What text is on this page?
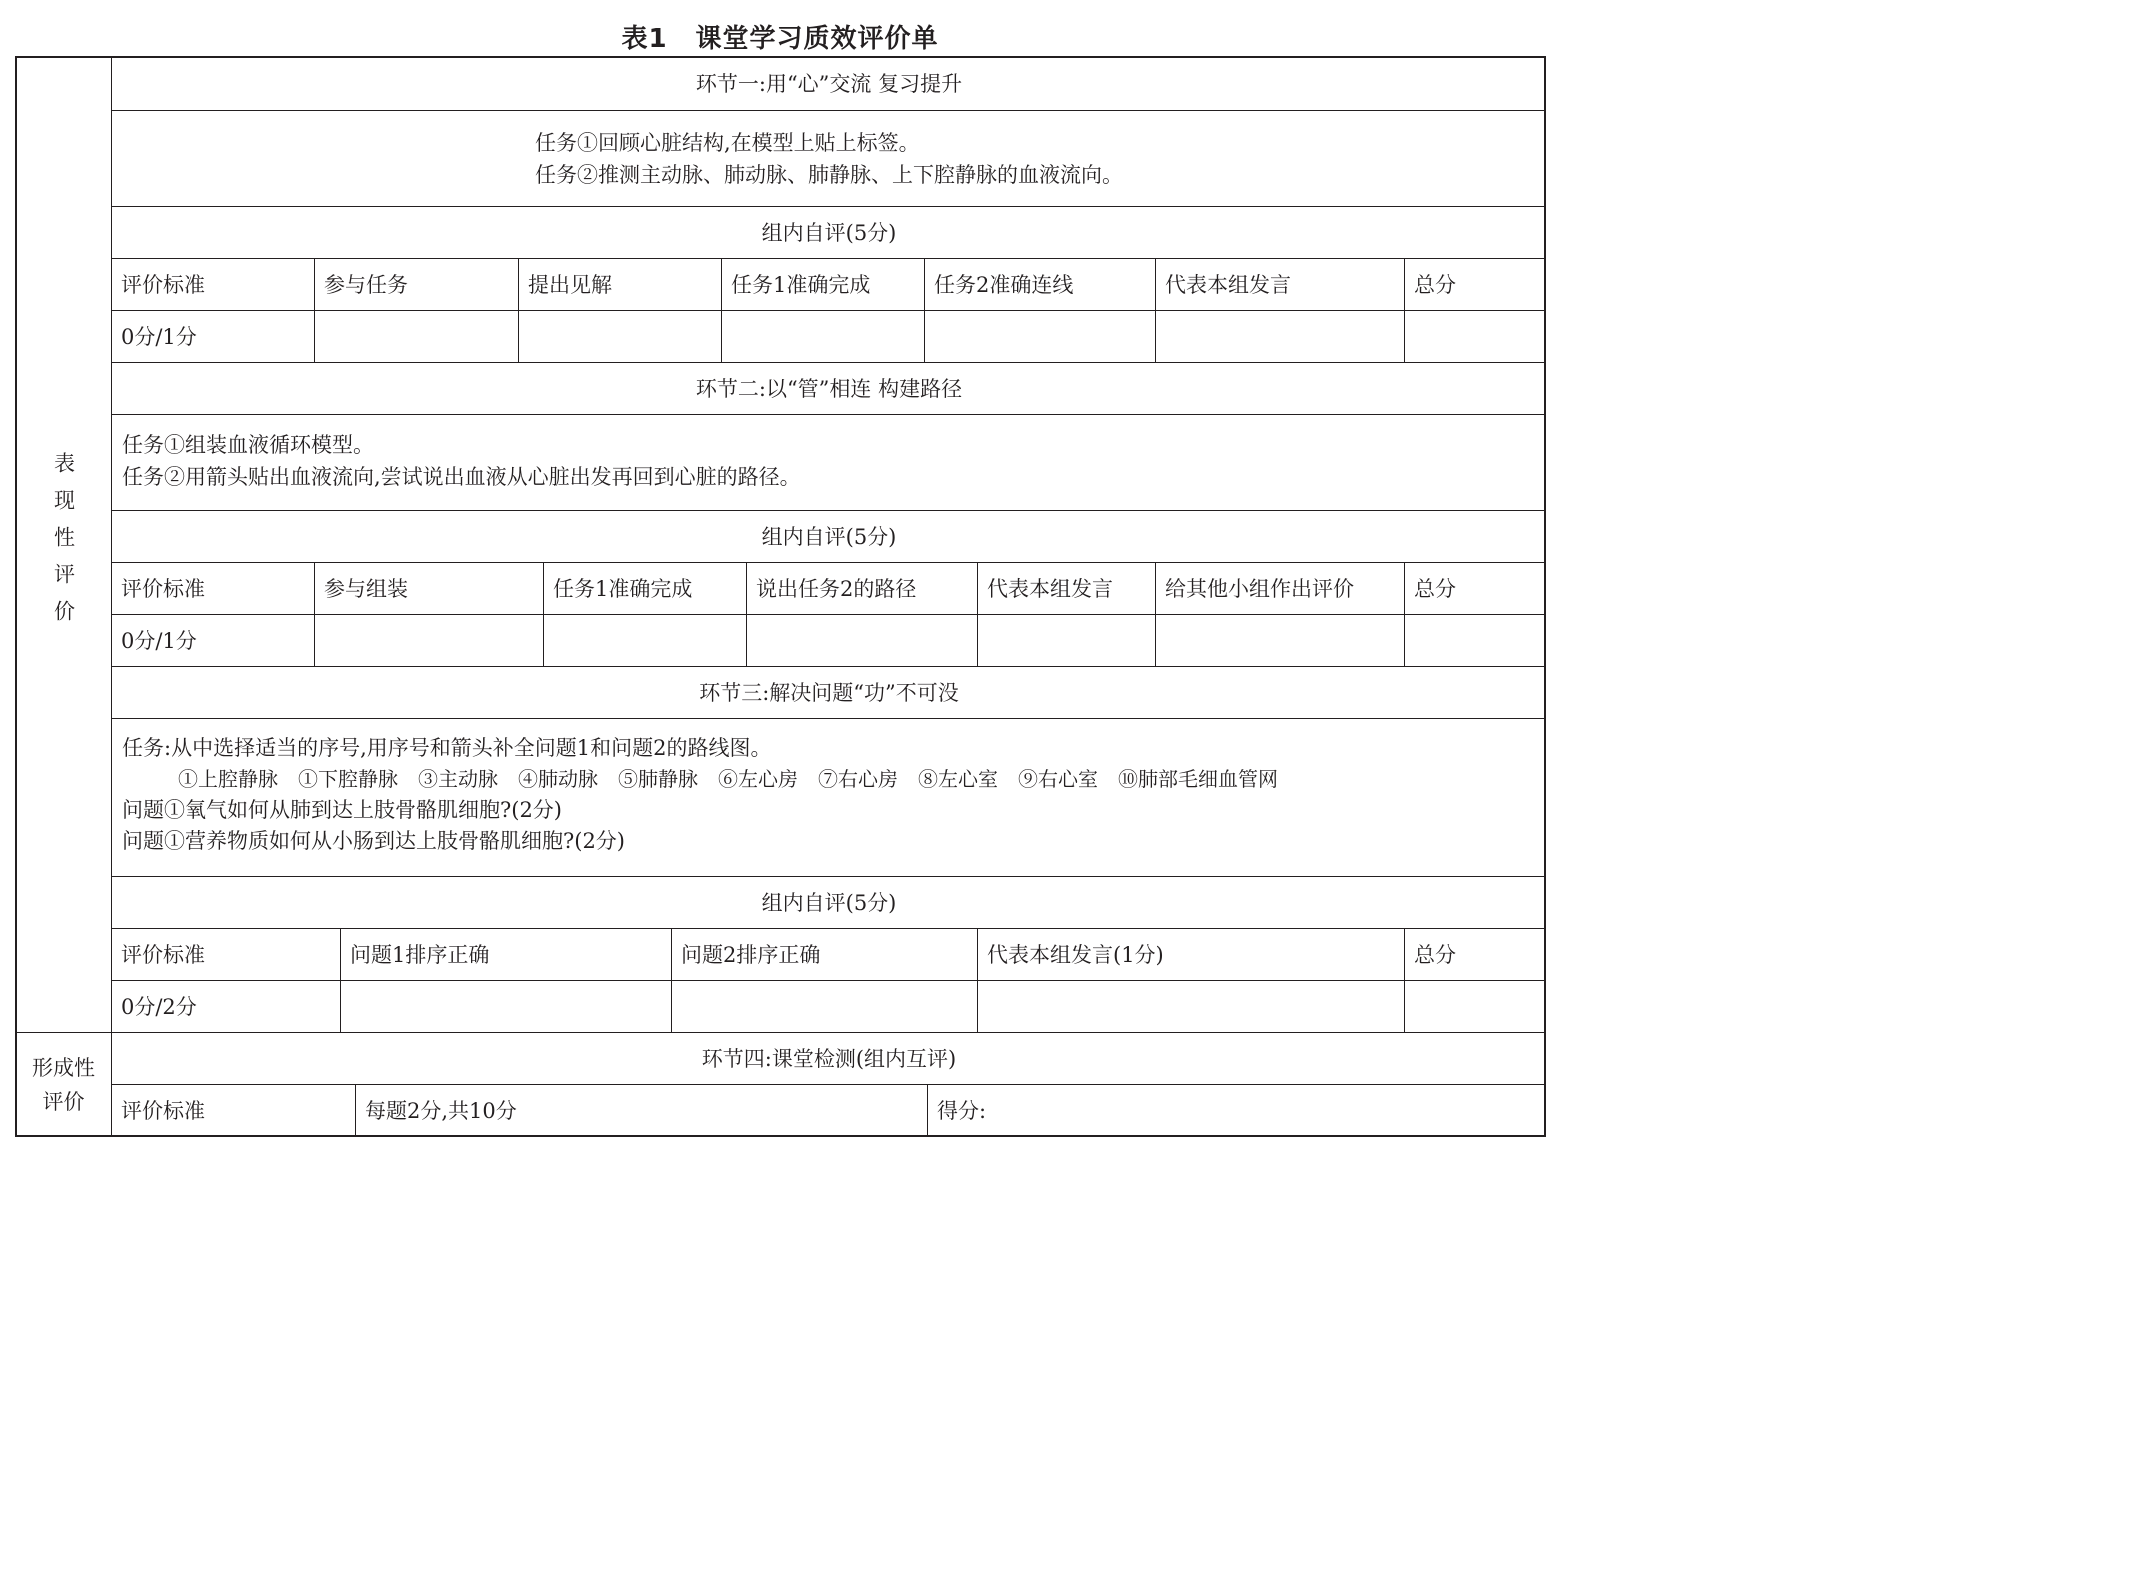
表1 课堂学习质效评价单
表现性评价
形成性
评价
环节一:用“心”交流 复习提升
任务①回顾心脏结构,在模型上贴上标签。
任务②推测主动脉、肺动脉、肺静脉、上下腔静脉的血液流向。
组内自评(5分)
评价标准	参与任务	提出见解	任务1准确完成	任务2准确连线	代表本组发言	总分
0分/1分
环节二:以“管”相连 构建路径
任务①组装血液循环模型。
任务②用箭头贴出血液流向,尝试说出血液从心脏出发再回到心脏的路径。
组内自评(5分)
评价标准	参与组装	任务1准确完成	说出任务2的路径	代表本组发言	给其他小组作出评价	总分
0分/1分
环节三:解决问题“功”不可没
任务:从中选择适当的序号,用序号和箭头补全问题1和问题2的路线图。
①上腔静脉　①下腔静脉　③主动脉　④肺动脉　⑤肺静脉　⑥左心房　⑦右心房　⑧左心室　⑨右心室　⑩肺部毛细血管网
问题①氧气如何从肺到达上肢骨骼肌细胞?(2分)
问题①营养物质如何从小肠到达上肢骨骼肌细胞?(2分)
组内自评(5分)
评价标准	问题1排序正确	问题2排序正确	代表本组发言(1分)	总分
0分/2分
环节四:课堂检测(组内互评)
评价标准	每题2分,共10分	得分:
